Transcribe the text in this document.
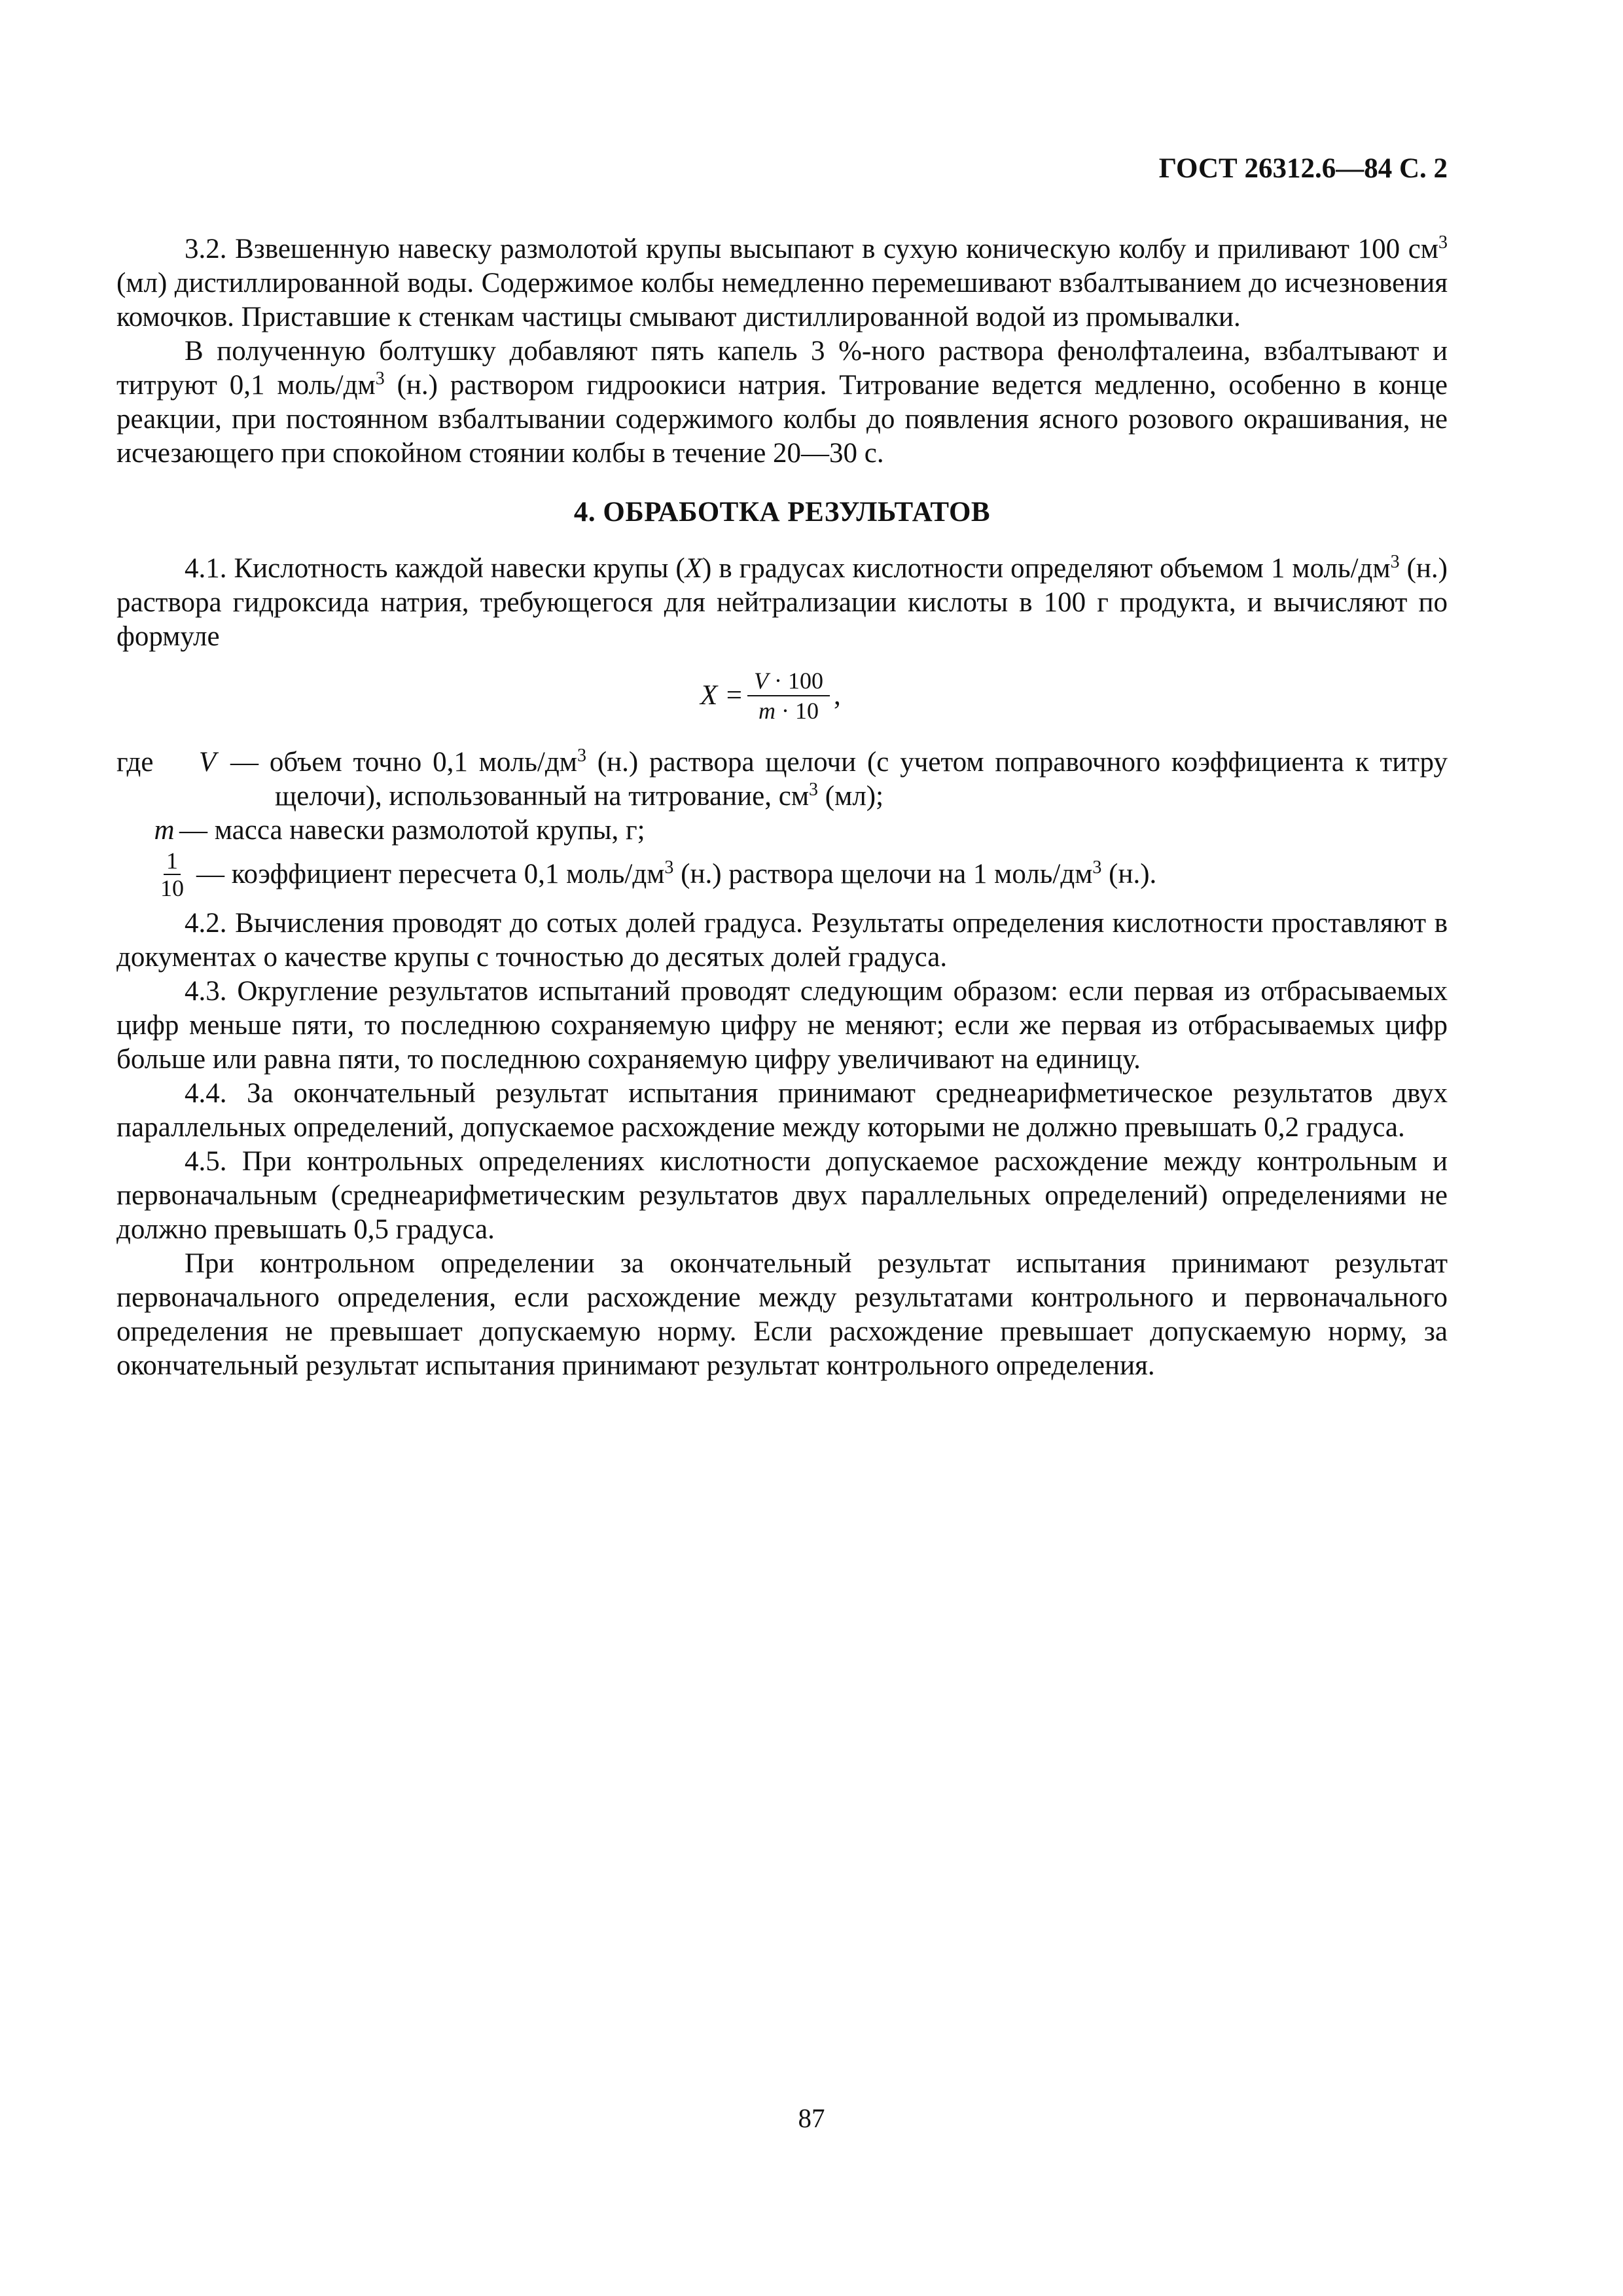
ГОСТ 26312.6—84 С. 2

3.2. Взвешенную навеску размолотой крупы высыпают в сухую коническую колбу и приливают 100 $см^3$ (мл) дистиллированной воды. Содержимое колбы немедленно перемешивают взбалтыванием до исчезновения комочков. Приставшие к стенкам частицы смывают дистиллированной водой из промывалки.

В полученную болтушку добавляют пять капель 3 %-ного раствора фенолфталеина, взбалтывают и титруют 0,1 моль/$дм^3$ (н.) раствором гидроокиси натрия. Титрование ведется медленно, особенно в конце реакции, при постоянном взбалтывании содержимого колбы до появления ясного розового окрашивания, не исчезающего при спокойном стоянии колбы в течение 20—30 с.

4. ОБРАБОТКА РЕЗУЛЬТАТОВ

4.1. Кислотность каждой навески крупы (X) в градусах кислотности определяют объемом 1 моль/$дм^3$ (н.) раствора гидроксида натрия, требующегося для нейтрализации кислоты в 100 г продукта, и вычисляют по формуле

$X = \frac{V \cdot 100}{m \cdot 10}$ ,
где	V — объем точно 0,1 моль/$дм^3$ (н.) раствора щелочи (с учетом поправочного коэффициента к титру щелочи), использованный на титрование, $см^3$ (мл);
m — масса навески размолотой крупы, г;
$\frac{1}{10}$ — коэффициент пересчета 0,1 моль/$дм^3$ (н.) раствора щелочи на 1 моль/$дм^3$ (н.).

4.2. Вычисления проводят до сотых долей градуса. Результаты определения кислотности проставляют в документах о качестве крупы с точностью до десятых долей градуса.

4.3. Округление результатов испытаний проводят следующим образом: если первая из отбрасываемых цифр меньше пяти, то последнюю сохраняемую цифру не меняют; если же первая из отбрасываемых цифр больше или равна пяти, то последнюю сохраняемую цифру увеличивают на единицу.

4.4. За окончательный результат испытания принимают среднеарифметическое результатов двух параллельных определений, допускаемое расхождение между которыми не должно превышать 0,2 градуса.

4.5. При контрольных определениях кислотности допускаемое расхождение между контрольным и первоначальным (среднеарифметическим результатов двух параллельных определений) определениями не должно превышать 0,5 градуса.

При контрольном определении за окончательный результат испытания принимают результат первоначального определения, если расхождение между результатами контрольного и первоначального определения не превышает допускаемую норму. Если расхождение превышает допускаемую норму, за окончательный результат испытания принимают результат контрольного определения.

87
